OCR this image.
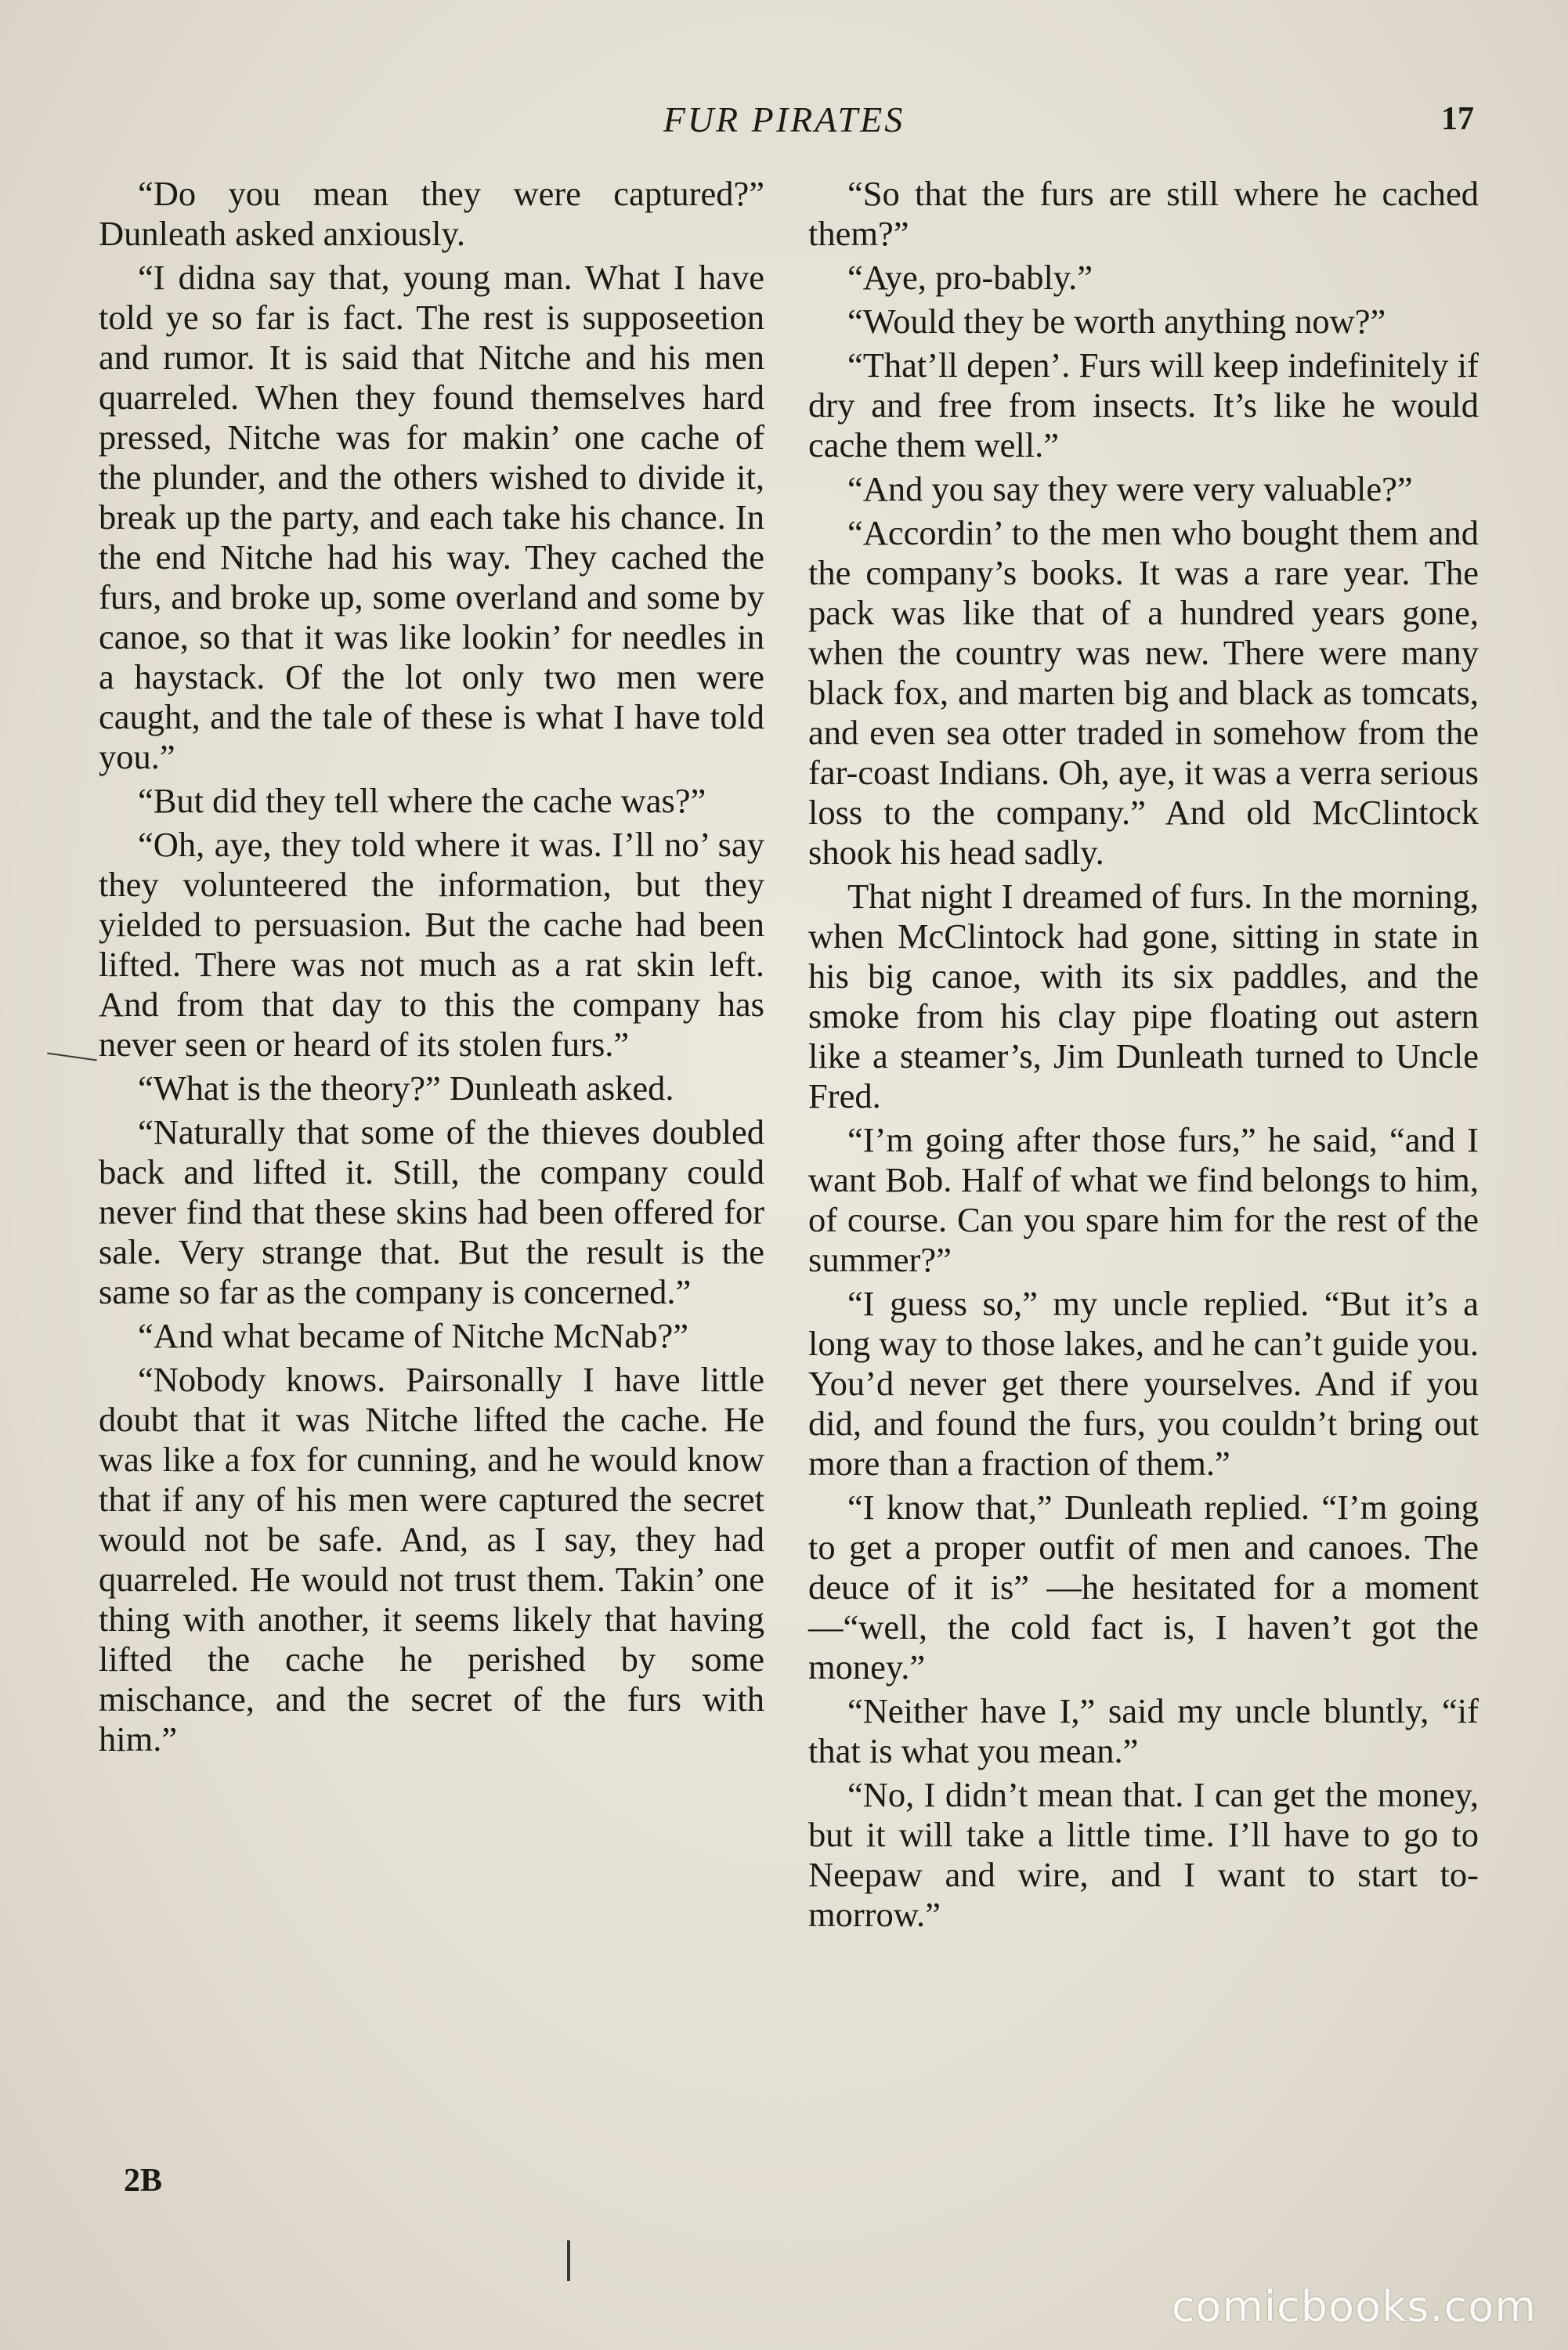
FUR PIRATES	17

“Do you mean they were captured?” Dunleath asked anxiously.

“I didna say that, young man. What I have told ye so far is fact. The rest is supposeetion and rumor. It is said that Nitche and his men quarreled. When they found themselves hard pressed, Nitche was for makin’ one cache of the plunder, and the others wished to divide it, break up the party, and each take his chance. In the end Nitche had his way. They cached the furs, and broke up, some overland and some by canoe, so that it was like lookin’ for needles in a haystack. Of the lot only two men were caught, and the tale of these is what I have told you.”

“But did they tell where the cache was?”

“Oh, aye, they told where it was. I’ll no’ say they volunteered the information, but they yielded to persuasion. But the cache had been lifted. There was not much as a rat skin left. And from that day to this the company has never seen or heard of its stolen furs.”

“What is the theory?” Dunleath asked.

“Naturally that some of the thieves doubled back and lifted it. Still, the company could never find that these skins had been offered for sale. Very strange that. But the result is the same so far as the company is concerned.”

“And what became of Nitche McNab?”

“Nobody knows. Pairsonally I have little doubt that it was Nitche lifted the cache. He was like a fox for cunning, and he would know that if any of his men were captured the secret would not be safe. And, as I say, they had quarreled. He would not trust them. Takin’ one thing with another, it seems likely that having lifted the cache he perished by some mischance, and the secret of the furs with him.”

“So that the furs are still where he cached them?”

“Aye, pro-bably.”

“Would they be worth anything now?”

“That’ll depen’. Furs will keep indefinitely if dry and free from insects. It’s like he would cache them well.”

“And you say they were very valuable?”

“Accordin’ to the men who bought them and the company’s books. It was a rare year. The pack was like that of a hundred years gone, when the country was new. There were many black fox, and marten big and black as tomcats, and even sea otter traded in somehow from the far-coast Indians. Oh, aye, it was a verra serious loss to the company.” And old McClintock shook his head sadly.

That night I dreamed of furs. In the morning, when McClintock had gone, sitting in state in his big canoe, with its six paddles, and the smoke from his clay pipe floating out astern like a steamer’s, Jim Dunleath turned to Uncle Fred.

“I’m going after those furs,” he said, “and I want Bob. Half of what we find belongs to him, of course. Can you spare him for the rest of the summer?”

“I guess so,” my uncle replied. “But it’s a long way to those lakes, and he can’t guide you. You’d never get there yourselves. And if you did, and found the furs, you couldn’t bring out more than a fraction of them.”

“I know that,” Dunleath replied. “I’m going to get a proper outfit of men and canoes. The deuce of it is” —he hesitated for a moment—“well, the cold fact is, I haven’t got the money.”

“Neither have I,” said my uncle bluntly, “if that is what you mean.”

“No, I didn’t mean that. I can get the money, but it will take a little time. I’ll have to go to Neepaw and wire, and I want to start to-morrow.”

2B
comicbooks.com
